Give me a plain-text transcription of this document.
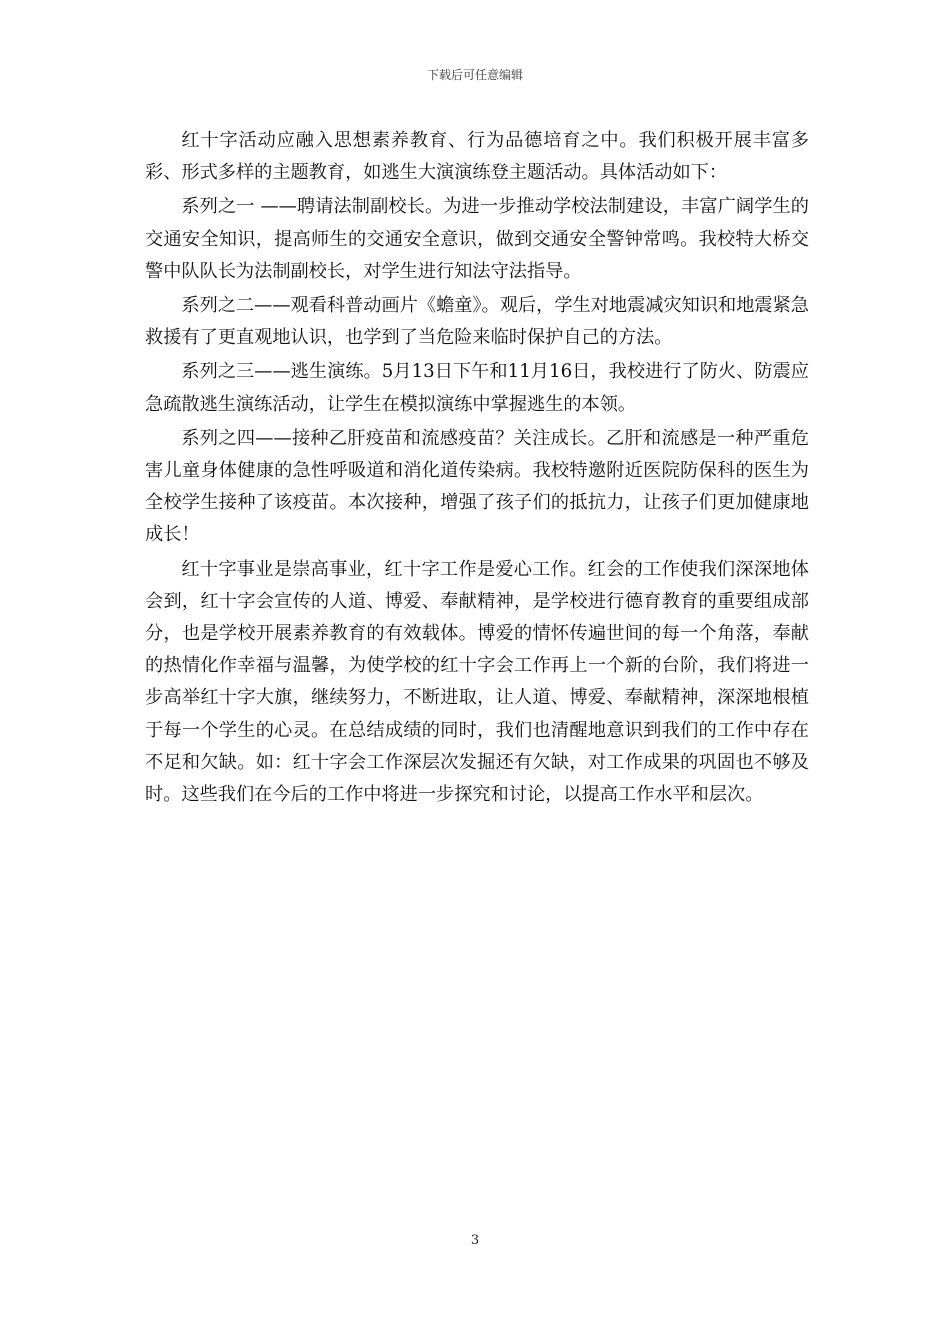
下载后可任意编辑

红十字活动应融入思想素养教育、行为品德培育之中。我们积极开展丰富多彩、形式多样的主题教育，如逃生大演演练登主题活动。具体活动如下：

系列之一 ——聘请法制副校长。为进一步推动学校法制建设，丰富广阔学生的交通安全知识，提高师生的交通安全意识，做到交通安全警钟常鸣。我校特大桥交警中队队长为法制副校长，对学生进行知法守法指导。

系列之二——观看科普动画片《蟾童》。观后，学生对地震减灾知识和地震紧急救援有了更直观地认识，也学到了当危险来临时保护自己的方法。

系列之三——逃生演练。5月13日下午和11月16日，我校进行了防火、防震应急疏散逃生演练活动，让学生在模拟演练中掌握逃生的本领。

系列之四——接种乙肝疫苗和流感疫苗？关注成长。乙肝和流感是一种严重危害儿童身体健康的急性呼吸道和消化道传染病。我校特邀附近医院防保科的医生为全校学生接种了该疫苗。本次接种，增强了孩子们的抵抗力，让孩子们更加健康地成长！

红十字事业是崇高事业，红十字工作是爱心工作。红会的工作使我们深深地体会到，红十字会宣传的人道、博爱、奉献精神，是学校进行德育教育的重要组成部分，也是学校开展素养教育的有效载体。博爱的情怀传遍世间的每一个角落，奉献的热情化作幸福与温馨，为使学校的红十字会工作再上一个新的台阶，我们将进一步高举红十字大旗，继续努力，不断进取，让人道、博爱、奉献精神，深深地根植于每一个学生的心灵。在总结成绩的同时，我们也清醒地意识到我们的工作中存在不足和欠缺。如：红十字会工作深层次发掘还有欠缺，对工作成果的巩固也不够及时。这些我们在今后的工作中将进一步探究和讨论，以提高工作水平和层次。

3
